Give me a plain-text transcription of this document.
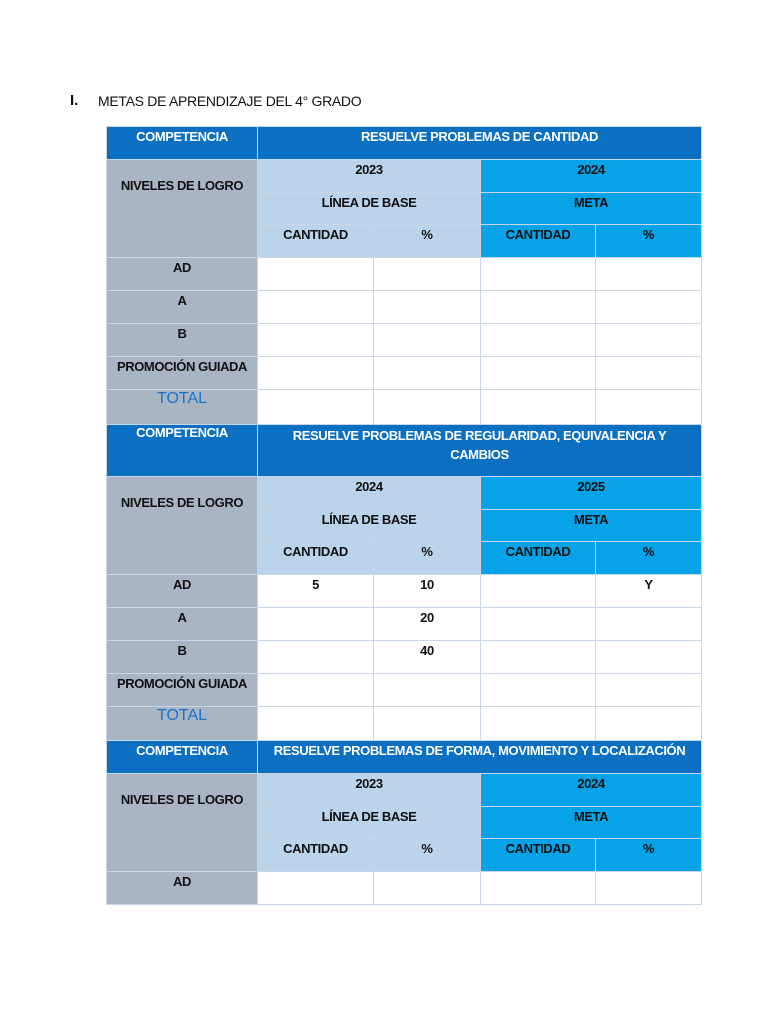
I.	METAS DE APRENDIZAJE DEL 4° GRADO
COMPETENCIA	RESUELVE PROBLEMAS DE CANTIDAD			

NIVELES DE LOGRO	2023		2024	

	LÍNEA DE BASE		META	

	CANTIDAD	%	CANTIDAD	%

AD				

A				

B				

PROMOCIÓN GUIADA				

TOTAL	

COMPETENCIA	RESUELVE PROBLEMAS DE REGULARIDAD, EQUIVALENCIA Y CAMBIOS			

NIVELES DE LOGRO	2024		2025	

	LÍNEA DE BASE		META	

	CANTIDAD	%	CANTIDAD	%

AD	5	10		Y

A		20		

B		40		

PROMOCIÓN GUIADA				

TOTAL	

COMPETENCIA	RESUELVE PROBLEMAS DE FORMA, MOVIMIENTO Y LOCALIZACIÓN			

NIVELES DE LOGRO	2023		2024	

	LÍNEA DE BASE		META	

	CANTIDAD	%	CANTIDAD	%

AD				
